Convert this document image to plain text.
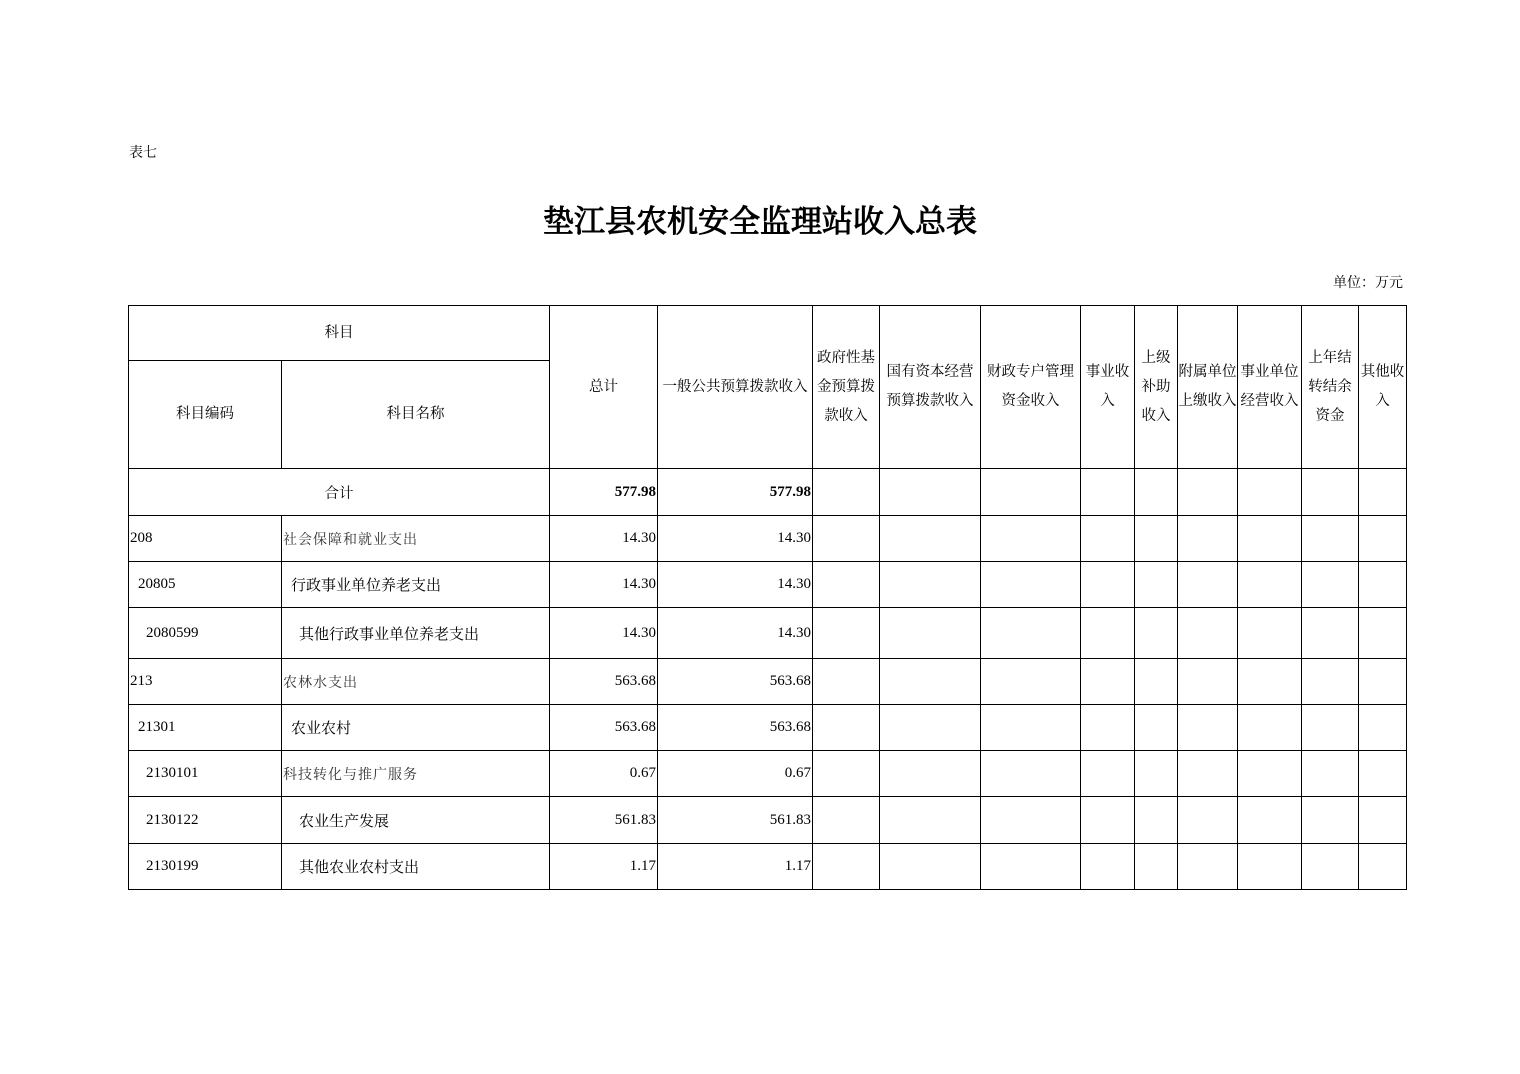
表七
垫江县农机安全监理站收入总表
单位：万元
科目		总计	一般公共预算拨款收入	政府性基金预算拨款收入	国有资本经营预算拨款收入	财政专户管理资金收入	事业收入	上级补助收入	附属单位上缴收入	事业单位经营收入	上年结转结余资金	其他收入
科目编码	科目名称											
合计		577.98	577.98									
208	社会保障和就业支出	14.30	14.30									
20805	行政事业单位养老支出	14.30	14.30									
2080599	其他行政事业单位养老支出	14.30	14.30									
213	农林水支出	563.68	563.68									
21301	农业农村	563.68	563.68									
2130101	科技转化与推广服务	0.67	0.67									
2130122	农业生产发展	561.83	561.83									
2130199	其他农业农村支出	1.17	1.17									
